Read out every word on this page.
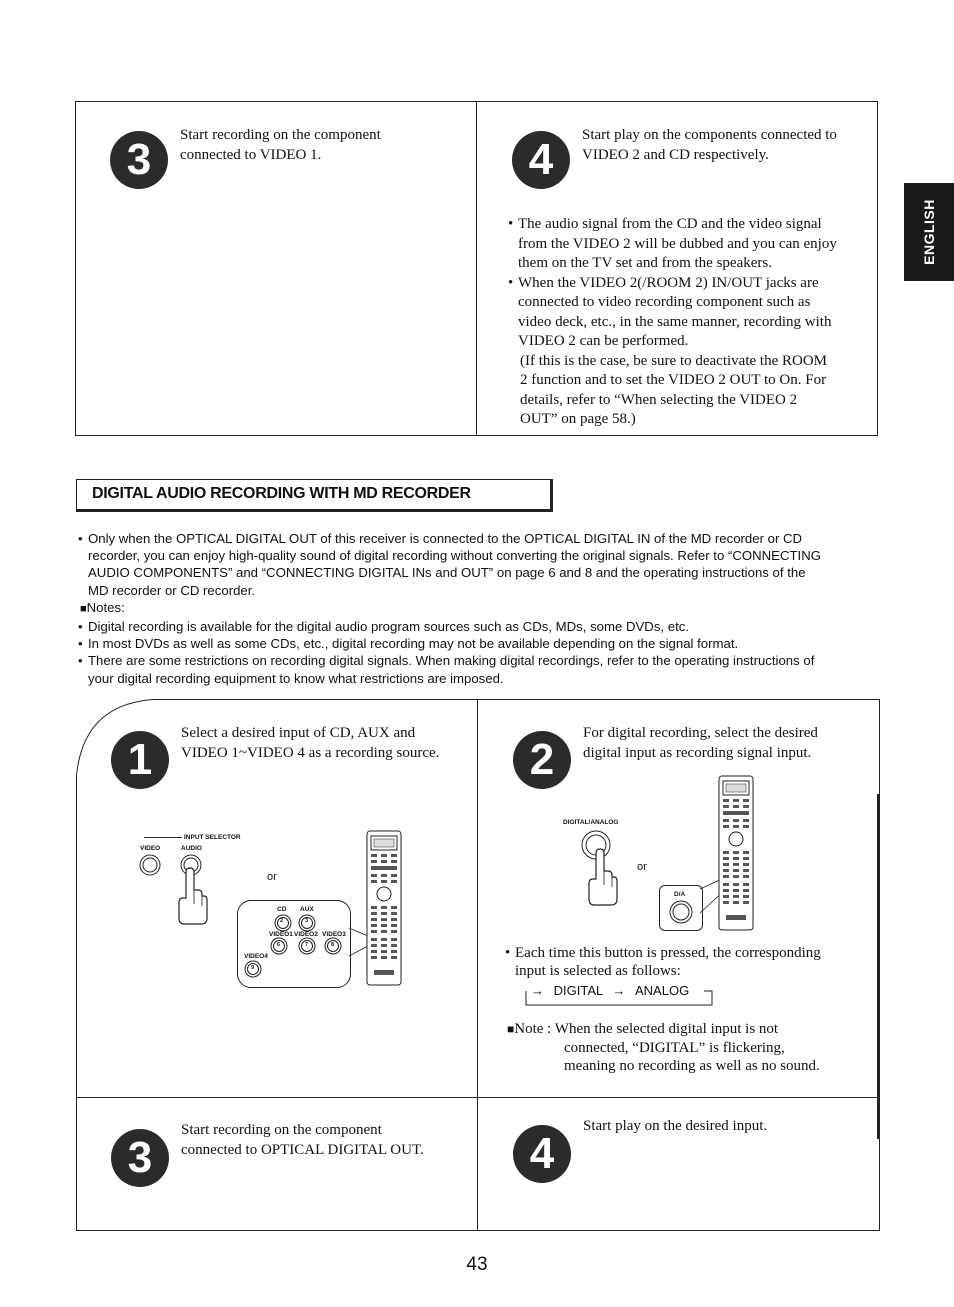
3	Start recording on the component
connected to VIDEO 1.	4	Start play on the components connected to
VIDEO 2 and CD respectively.
• The audio signal from the CD and the video signal
from the VIDEO 2 will be dubbed and you can enjoy
them on the TV set and from the speakers.
• When the VIDEO 2(/ROOM 2) IN/OUT jacks are
connected to video recording component such as
video deck, etc., in the same manner, recording with
VIDEO 2 can be performed.
(If this is the case, be sure to deactivate the ROOM
2 function and to set the VIDEO 2 OUT to On. For
details, refer to “When selecting the VIDEO 2
OUT” on page 58.)
ENGLISH
DIGITAL AUDIO RECORDING WITH MD RECORDER
• Only when the OPTICAL DIGITAL OUT of this receiver is connected to the OPTICAL DIGITAL IN of the MD recorder or CD
recorder, you can enjoy high-quality sound of digital recording without converting the original signals. Refer to “CONNECTING
AUDIO COMPONENTS” and “CONNECTING DIGITAL INs and OUT” on page 6 and 8 and the operating instructions of the
MD recorder or CD recorder.
■Notes:
• Digital recording is available for the digital audio program sources such as CDs, MDs, some DVDs, etc.
• In most DVDs as well as some CDs, etc., digital recording may not be available depending on the signal format.
• There are some restrictions on recording digital signals. When making digital recordings, refer to the operating instructions of
your digital recording equipment to know what restrictions are imposed.
1
Select a desired input of CD, AUX and
VIDEO 1~VIDEO 4 as a recording source.
INPUT SELECTOR
VIDEO	AUDIO
or
CD AUX
VIDEO1 VIDEO2 VIDEO3
VIDEO4
2	3
6	7	8
9
2
For digital recording, select the desired
digital input as recording signal input.
DIGITAL/ANALOG
or
D/A
• Each time this button is pressed, the corresponding
input is selected as follows:
→ DIGITAL → ANALOG
■Note : When the selected digital input is not
connected, “DIGITAL” is flickering,
meaning no recording as well as no sound.
3
Start recording on the component
connected to OPTICAL DIGITAL OUT.	4
Start play on the desired input.
43
